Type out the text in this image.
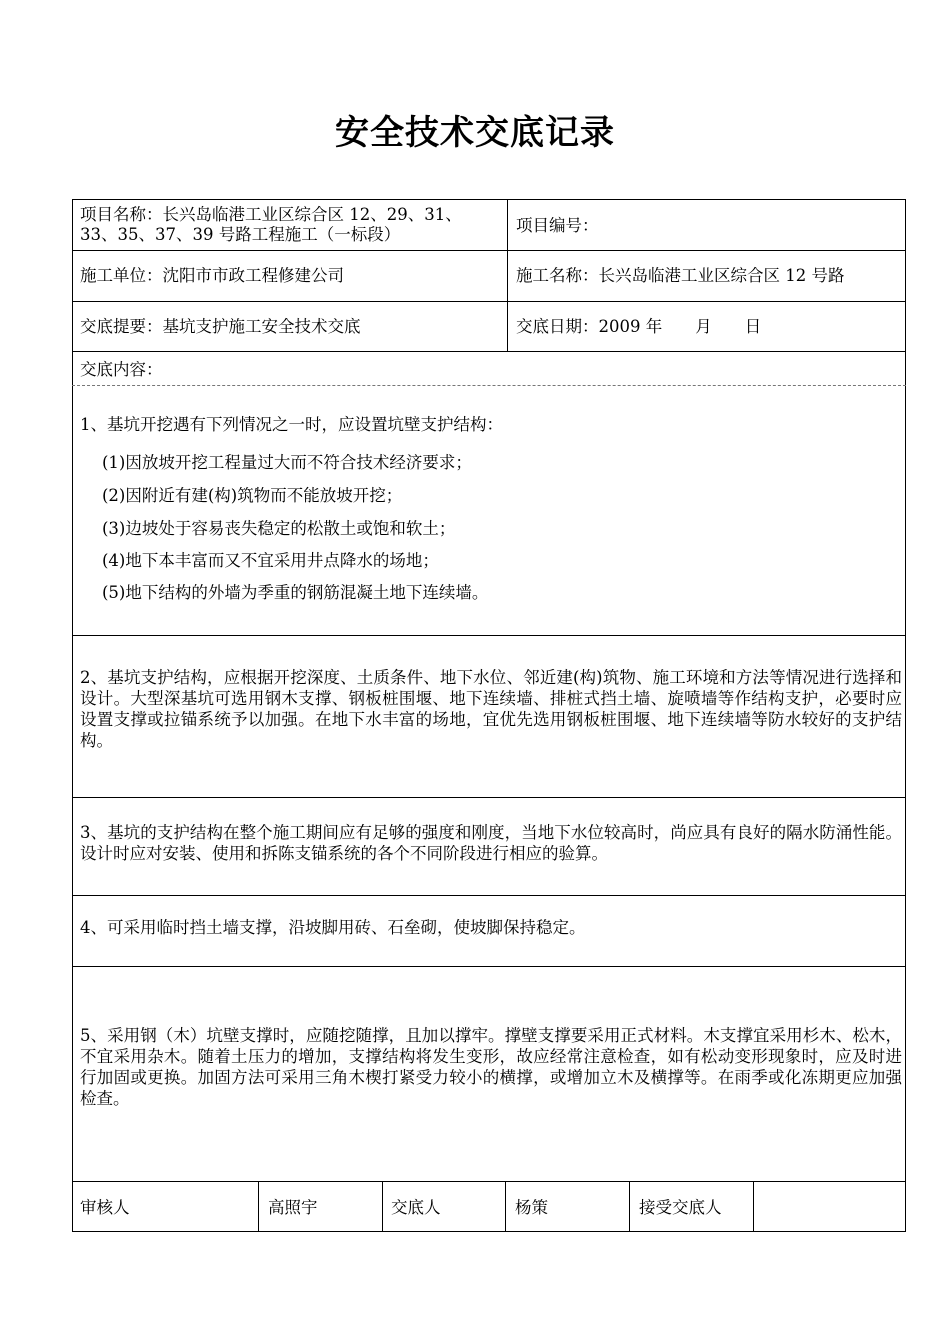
安全技术交底记录
项目名称：长兴岛临港工业区综合区 12、29、31、
33、35、37、39 号路工程施工（一标段）	项目编号：
施工单位：沈阳市市政工程修建公司	施工名称：长兴岛临港工业区综合区 12 号路
交底提要：基坑支护施工安全技术交底	交底日期：2009 年　　月　　日
交底内容：
1、基坑开挖遇有下列情况之一时，应设置坑壁支护结构：
(1)因放坡开挖工程量过大而不符合技术经济要求；
(2)因附近有建(构)筑物而不能放坡开挖；
(3)边坡处于容易丧失稳定的松散土或饱和软土；
(4)地下本丰富而又不宜采用井点降水的场地；
(5)地下结构的外墙为季重的钢筋混凝土地下连续墙。
2、基坑支护结构，应根据开挖深度、土质条件、地下水位、邻近建(构)筑物、施工环境和方法等情况进行选择和设计。大型深基坑可选用钢木支撑、钢板桩围堰、地下连续墙、排桩式挡土墙、旋喷墙等作结构支护，必要时应设置支撑或拉锚系统予以加强。在地下水丰富的场地，宜优先选用钢板桩围堰、地下连续墙等防水较好的支护结构。
3、基坑的支护结构在整个施工期间应有足够的强度和刚度，当地下水位较高时，尚应具有良好的隔水防涌性能。设计时应对安装、使用和拆陈支锚系统的各个不同阶段进行相应的验算。
4、可采用临时挡土墙支撑，沿坡脚用砖、石垒砌，使坡脚保持稳定。
5、采用钢（木）坑壁支撑时，应随挖随撑，且加以撑牢。撑壁支撑要采用正式材料。木支撑宜采用杉木、松木，不宜采用杂木。随着土压力的增加，支撑结构将发生变形，故应经常注意检查，如有松动变形现象时，应及时进行加固或更换。加固方法可采用三角木楔打紧受力较小的横撑，或增加立木及横撑等。在雨季或化冻期更应加强检查。
审核人	高照宇	交底人	杨策	接受交底人
